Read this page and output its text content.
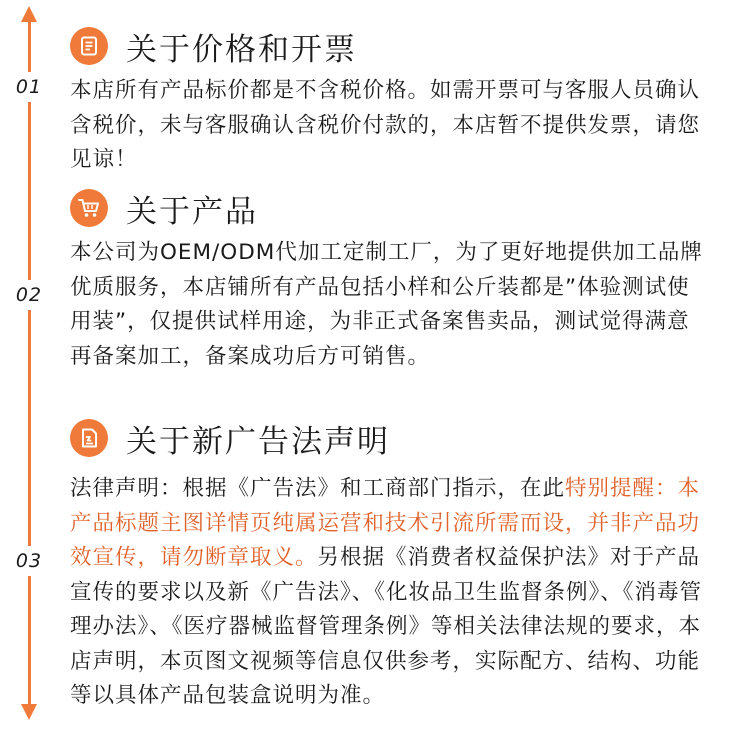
01
02
03
关于价格和开票
本店所有产品标价都是不含税价格。如需开票可与客服人员确认含税价，未与客服确认含税价付款的，本店暂不提供发票，请您见谅！
关于产品
本公司为OEM/ODM代加工定制工厂，为了更好地提供加工品牌优质服务，本店铺所有产品包括小样和公斤装都是”体验测试使用装”，仅提供试样用途，为非正式备案售卖品，测试觉得满意再备案加工，备案成功后方可销售。
关于新广告法声明
法律声明：根据《广告法》和工商部门指示，在此特别提醒：本产品标题主图详情页纯属运营和技术引流所需而设，并非产品功效宣传，请勿断章取义。另根据《消费者权益保护法》对于产品宣传的要求以及新《广告法》、《化妆品卫生监督条例》、《消毒管理办法》、《医疗器械监督管理条例》等相关法律法规的要求，本店声明，本页图文视频等信息仅供参考，实际配方、结构、功能等以具体产品包装盒说明为准。
